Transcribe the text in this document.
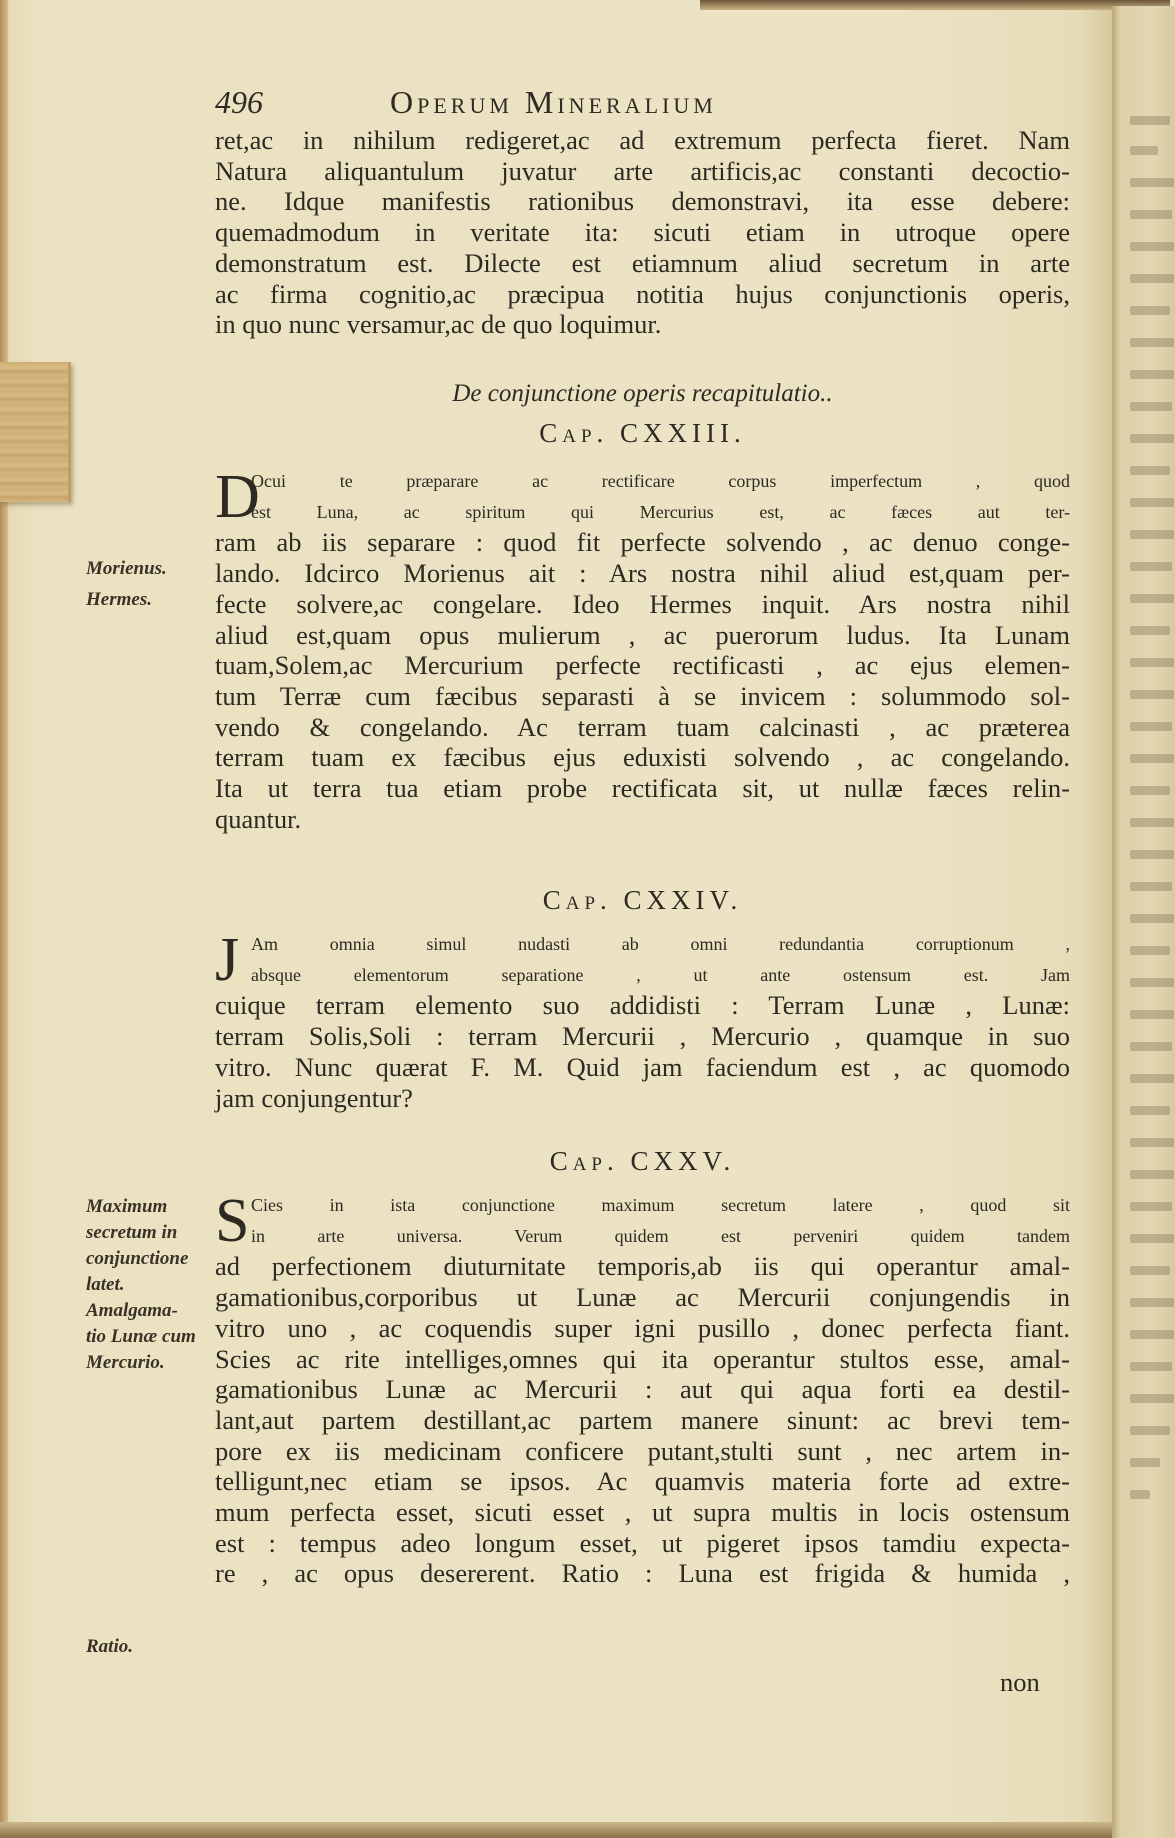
496	Operum Mineralium
ret,ac in nihilum redigeret,ac ad extremum perfecta fieret. Nam
Natura aliquantulum juvatur arte artificis,ac constanti decoctio-
ne. Idque manifestis rationibus demonstravi, ita esse debere:
quemadmodum in veritate ita: sicuti etiam in utroque opere
demonstratum est. Dilecte est etiamnum aliud secretum in arte
ac firma cognitio,ac præcipua notitia hujus conjunctionis operis,
in quo nunc versamur,ac de quo loquimur.
De conjunctione operis recapitulatio..
Cap. CXXIII.
D
Ocui te præparare ac rectificare corpus imperfectum , quod
est Luna, ac spiritum qui Mercurius est, ac fæces aut ter-
ram ab iis separare : quod fit perfecte solvendo , ac denuo conge-
lando. Idcirco Morienus ait : Ars nostra nihil aliud est,quam per-
fecte solvere,ac congelare. Ideo Hermes inquit. Ars nostra nihil
aliud est,quam opus mulierum , ac puerorum ludus. Ita Lunam
tuam,Solem,ac Mercurium perfecte rectificasti , ac ejus elemen-
tum Terræ cum fæcibus separasti à se invicem : solummodo sol-
vendo & congelando. Ac terram tuam calcinasti , ac præterea
terram tuam ex fæcibus ejus eduxisti solvendo , ac congelando.
Ita ut terra tua etiam probe rectificata sit, ut nullæ fæces relin-
quantur.
Morienus.
Hermes.
Cap. CXXIV.
J Am omnia simul nudasti ab omni redundantia corruptionum ,
absque elementorum separatione , ut ante ostensum est. Jam
cuique terram elemento suo addidisti : Terram Lunæ , Lunæ:
terram Solis,Soli : terram Mercurii , Mercurio , quamque in suo
vitro. Nunc quærat F. M. Quid jam faciendum est , ac quomodo
jam conjungentur?
Cap. CXXV.
S Cies in ista conjunctione maximum secretum latere , quod sit
in arte universa. Verum quidem est perveniri quidem tandem
ad perfectionem diuturnitate temporis,ab iis qui operantur amal-
gamationibus,corporibus ut Lunæ ac Mercurii conjungendis in
vitro uno , ac coquendis super igni pusillo , donec perfecta fiant.
Scies ac rite intelliges,omnes qui ita operantur stultos esse, amal-
gamationibus Lunæ ac Mercurii : aut qui aqua forti ea destil-
lant,aut partem destillant,ac partem manere sinunt: ac brevi tem-
pore ex iis medicinam conficere putant,stulti sunt , nec artem in-
telligunt,nec etiam se ipsos. Ac quamvis materia forte ad extre-
mum perfecta esset, sicuti esset , ut supra multis in locis ostensum
est : tempus adeo longum esset, ut pigeret ipsos tamdiu expecta-
re , ac opus desererent. Ratio : Luna est frigida & humida ,
Maximum
secretum in
conjunctione
latet.
Amalgama-
tio Lunæ cum
Mercurio.
Ratio.
non
